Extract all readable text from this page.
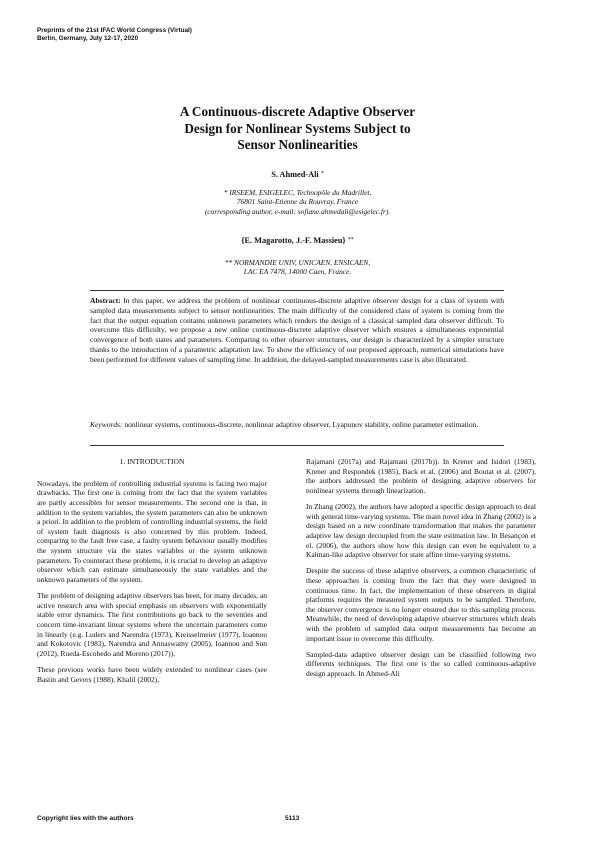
Preprints of the 21st IFAC World Congress (Virtual)
Berlin, Germany, July 12-17, 2020
A Continuous-discrete Adaptive Observer
Design for Nonlinear Systems Subject to
Sensor Nonlinearities
S. Ahmed-Ali *
* IRSEEM, ESIGELEC, Technopôle du Madrillet,
76801 Saint-Etienne du Rouvray, France
(corresponding author, e-mail: sofiane.ahmedali@esigelec.fr).
{E. Magarotto, J.-F. Massieu} **
** NORMANDIE UNIV, UNICAEN, ENSICAEN,
LAC EA 7478, 14000 Caen, France.

Abstract: In this paper, we address the problem of nonlinear continuous-discrete adaptive observer design for a class of system with sampled data measurements subject to sensor nonlinearities. The main difficulty of the considered class of system is coming from the fact that the output equation contains unknown parameters which renders the design of a classical sampled data observer difficult. To overcome this difficulty, we propose a new online continuous-discrete adaptive observer which ensures a simultaneous exponential convergence of both states and parameters. Comparing to other observer structures, our design is characterized by a simpler structure thanks to the introduction of a parametric adaptation law. To show the efficiency of our proposed approach, numerical simulations have been performed for different values of sampling time. In addition, the delayed-sampled measurements case is also illustrated.

Keywords: nonlinear systems, continuous-discrete, nonlinear adaptive observer, Lyapunov stability, online parameter estimation.

1. INTRODUCTION

Nowadays, the problem of controlling industrial systems is facing two major drawbacks. The first one is coming from the fact that the system variables are partly accessibles for sensor measurements. The second one is that, in addition to the system variables, the system parameters can also be unknown a priori. In addition to the problem of controlling industrial systems, the field of system fault diagnosis is also concerned by this problem. Indeed, comparing to the fault free case, a faulty system behaviour usually modifies the system structure via the states variables or the system unknown parameters. To counteract these problems, it is crucial to develop an adaptive observer which can estimate simultaneously the state variables and the unknown parameters of the system.

The problem of designing adaptive observers has been, for many decades, an active research area with special emphasis on observers with exponentially stable error dynamics. The first contributions go back to the seventies and concern time-invariant linear systems where the uncertain parameters come in linearly (e.g. Luders and Narendra (1973), Kreisselmeier (1977), Ioannou and Kokotovic (1983), Narendra and Annaswamy (2005), Ioannou and Sun (2012), Rueda-Escobedo and Moreno (2017)).

These previous works have been widely extended to nonlinear cases (see Bastin and Gevers (1988), Khalil (2002),

Rajamani (2017a) and Rajamani (2017b)). In Krener and Isidori (1983), Krener and Respondek (1985), Back et al. (2006) and Boutat et al. (2007), the authors addressed the problem of designing adaptive observers for nonlinear systems through linearization.

In Zhang (2002), the authors have adopted a specific design approach to deal with general time-varying systems. The main novel idea in Zhang (2002) is a design based on a new coordinate transformation that makes the parameter adaptive law design decoupled from the state estimation law. In Besançon et el. (2006), the authors show how this design can even be equivalent to a Kalman-like adaptive observer for state affine time-varying systems.

Despite the success of these adaptive observers, a common characteristic of these approaches is coming from the fact that they were designed in continuous time. In fact, the implementation of these observers in digital platforms requires the measured system outputs to be sampled. Therefore, the observer convergence is no longer ensured due to this sampling process. Meanwhile, the need of developing adaptive observer structures which deals with the problem of sampled data output measurements has become an important issue to overcome this difficulty.

Sampled-data adaptive observer design can be classified following two differents techniques. The first one is the so called continuous-adaptive design approach. In Ahmed-Ali

Copyright lies with the authors	5113
